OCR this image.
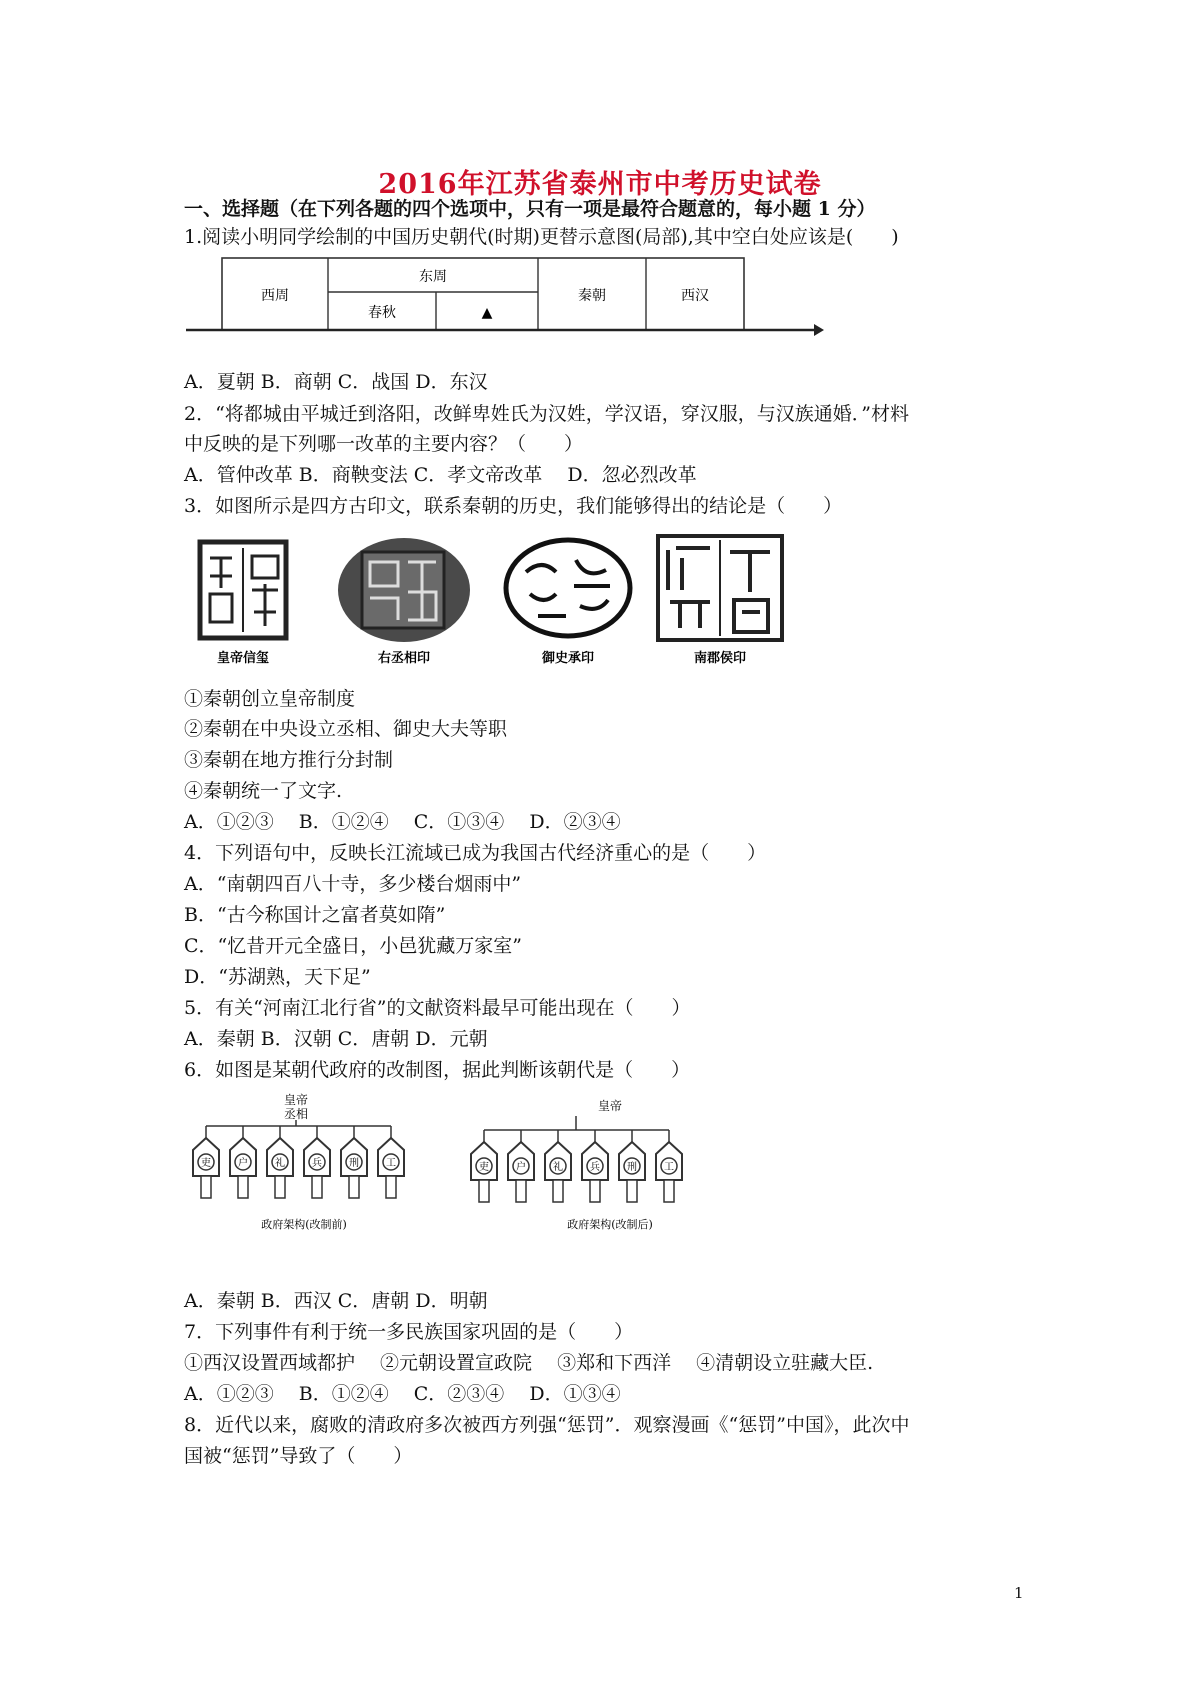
2016年江苏省泰州市中考历史试卷
一、选择题（在下列各题的四个选项中，只有一项是最符合题意的，每小题 1 分）
1.阅读小明同学绘制的中国历史朝代(时期)更替示意图(局部),其中空白处应该是(　　)
西周
东周
春秋	▲
秦朝	西汉
A．夏朝 B．商朝 C．战国 D．东汉
2．“将都城由平城迁到洛阳，改鲜卑姓氏为汉姓，学汉语，穿汉服，与汉族通婚．”材料
中反映的是下列哪一改革的主要内容？（　　）
A．管仲改革 B．商鞅变法 C．孝文帝改革　 D．忽必烈改革
3．如图所示是四方古印文，联系秦朝的历史，我们能够得出的结论是（　　）
皇帝信玺	右丞相印	御史承印	南郡侯印
①秦朝创立皇帝制度
②秦朝在中央设立丞相、御史大夫等职
③秦朝在地方推行分封制
④秦朝统一了文字.
A．①②③　 B．①②④　 C．①③④　 D．②③④
4．下列语句中，反映长江流域已成为我国古代经济重心的是（　　）
A．“南朝四百八十寺，多少楼台烟雨中”
B．“古今称国计之富者莫如隋”
C．“忆昔开元全盛日，小邑犹藏万家室”
D．“苏湖熟，天下足”
5．有关“河南江北行省”的文献资料最早可能出现在（　　）
A．秦朝 B．汉朝 C．唐朝 D．元朝
6．如图是某朝代政府的改制图，据此判断该朝代是（　　）
皇帝
丞相
皇帝
吏	户	礼	兵	刑	工	吏	户	礼	兵	刑	工
政府架构(改制前)	政府架构(改制后)
A．秦朝 B．西汉 C．唐朝 D．明朝
7．下列事件有利于统一多民族国家巩固的是（　　）
①西汉设置西域都护　 ②元朝设置宣政院　 ③郑和下西洋　 ④清朝设立驻藏大臣.
A．①②③　 B．①②④　 C．②③④　 D．①③④
8．近代以来，腐败的清政府多次被西方列强“惩罚”．观察漫画《“惩罚”中国》，此次中
国被“惩罚”导致了（　　）
1
